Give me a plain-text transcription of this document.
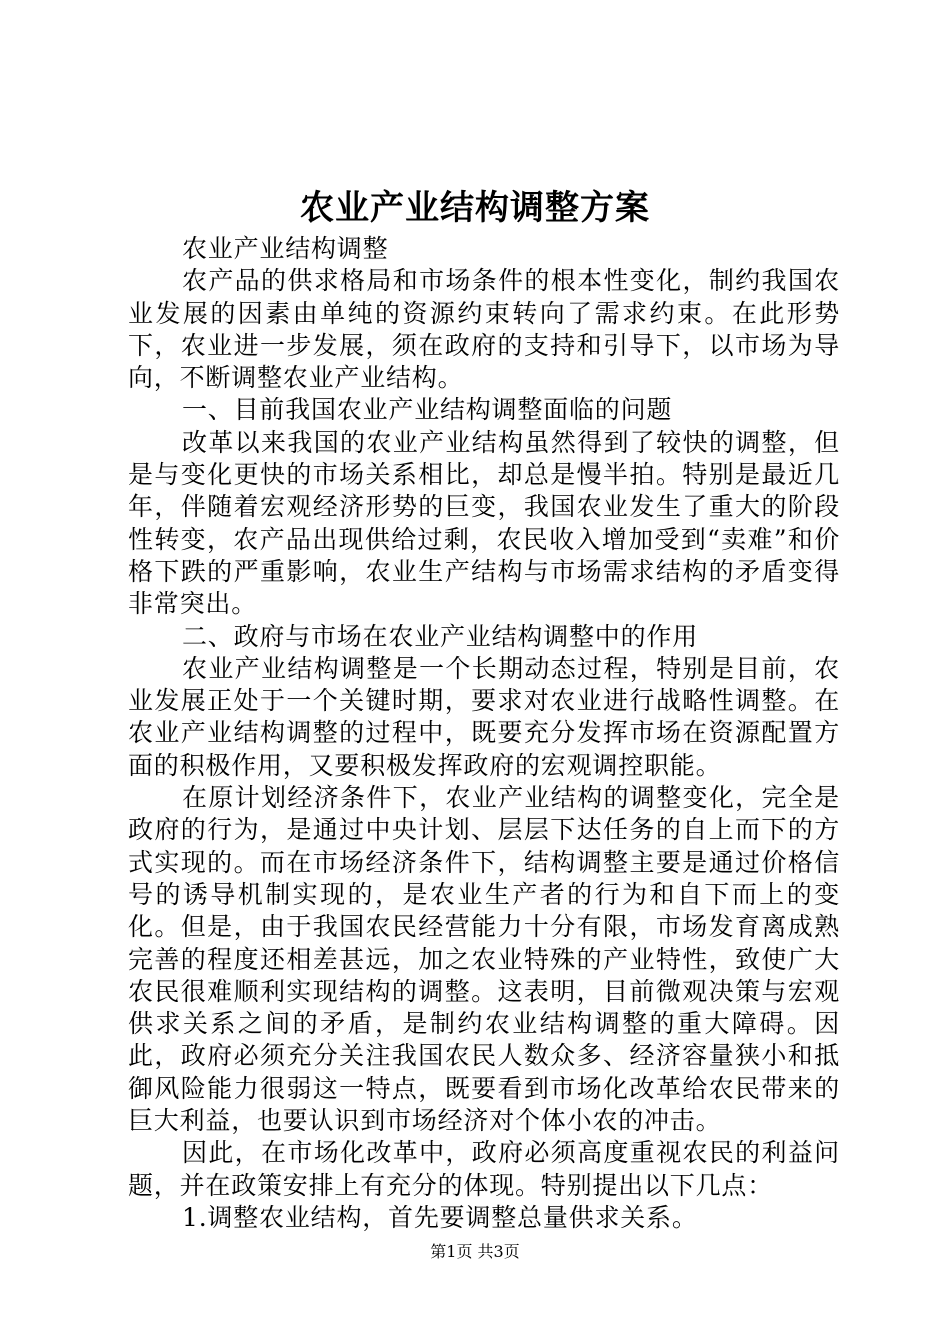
农业产业结构调整方案

农业产业结构调整

农产品的供求格局和市场条件的根本性变化，制约我国农业发展的因素由单纯的资源约束转向了需求约束。在此形势下，农业进一步发展，须在政府的支持和引导下，以市场为导向，不断调整农业产业结构。

一、目前我国农业产业结构调整面临的问题

改革以来我国的农业产业结构虽然得到了较快的调整，但是与变化更快的市场关系相比，却总是慢半拍。特别是最近几年，伴随着宏观经济形势的巨变，我国农业发生了重大的阶段性转变，农产品出现供给过剩，农民收入增加受到“卖难”和价格下跌的严重影响，农业生产结构与市场需求结构的矛盾变得非常突出。

二、政府与市场在农业产业结构调整中的作用

农业产业结构调整是一个长期动态过程，特别是目前，农业发展正处于一个关键时期，要求对农业进行战略性调整。在农业产业结构调整的过程中，既要充分发挥市场在资源配置方面的积极作用，又要积极发挥政府的宏观调控职能。

在原计划经济条件下，农业产业结构的调整变化，完全是政府的行为，是通过中央计划、层层下达任务的自上而下的方式实现的。而在市场经济条件下，结构调整主要是通过价格信号的诱导机制实现的，是农业生产者的行为和自下而上的变化。但是，由于我国农民经营能力十分有限，市场发育离成熟完善的程度还相差甚远，加之农业特殊的产业特性，致使广大农民很难顺利实现结构的调整。这表明，目前微观决策与宏观供求关系之间的矛盾，是制约农业结构调整的重大障碍。因此，政府必须充分关注我国农民人数众多、经济容量狭小和抵御风险能力很弱这一特点，既要看到市场化改革给农民带来的巨大利益，也要认识到市场经济对个体小农的冲击。

因此，在市场化改革中，政府必须高度重视农民的利益问题，并在政策安排上有充分的体现。特别提出以下几点：

1.调整农业结构，首先要调整总量供求关系。

第1页 共3页
